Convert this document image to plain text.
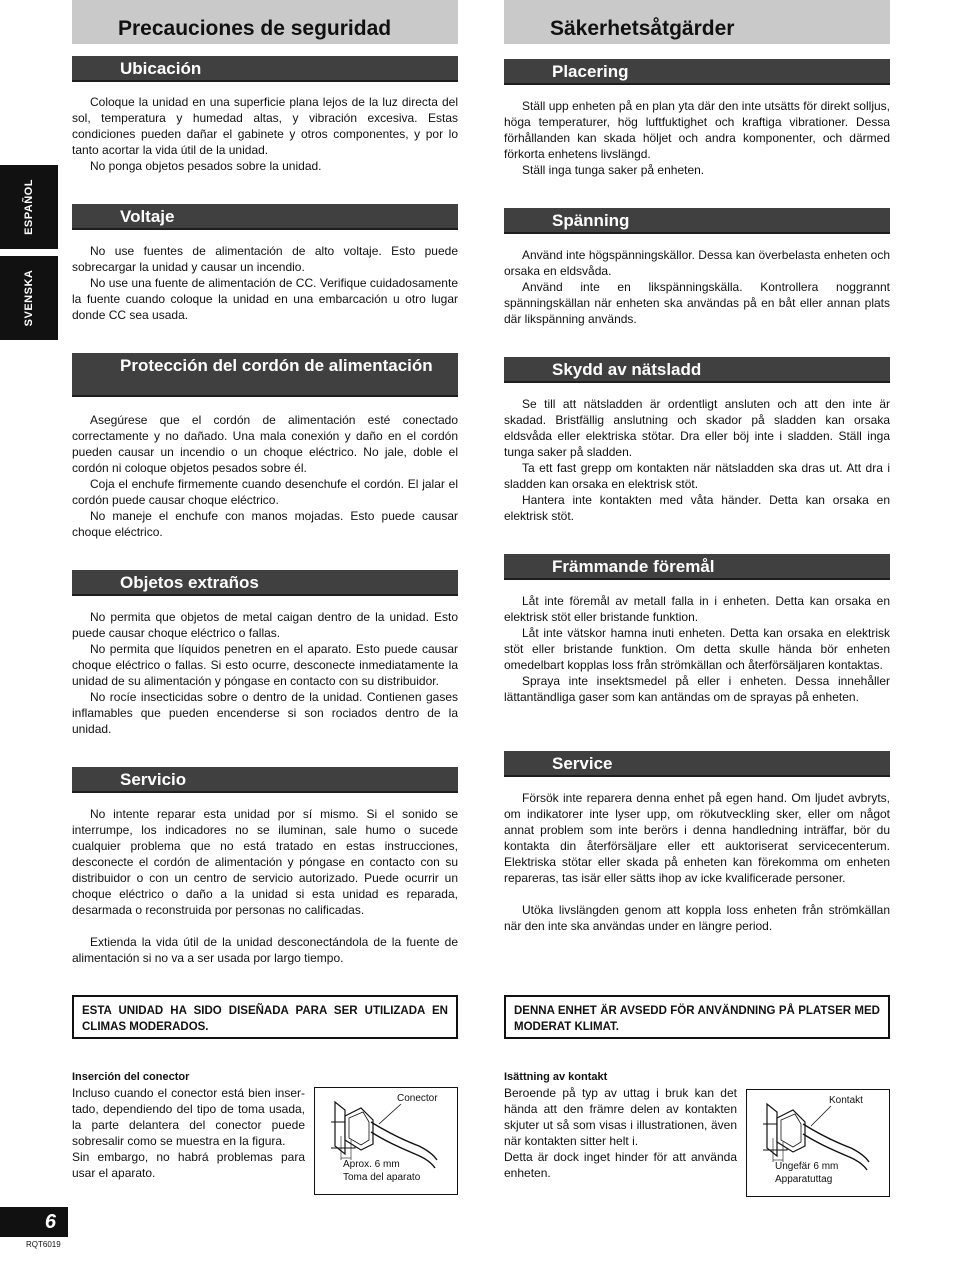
ESPAÑOL
SVENSKA
Precauciones de seguridad
Ubicación

Coloque la unidad en una superficie plana lejos de la luz directa del sol, temperatura y humedad altas, y vibración excesiva. Estas condiciones pueden dañar el gabinete y otros componentes, y por lo tanto acortar la vida útil de la unidad.

No ponga objetos pesados sobre la unidad.

Voltaje

No use fuentes de alimentación de alto voltaje. Esto puede sobrecargar la unidad y causar un incendio.

No use una fuente de alimentación de CC. Verifique cuidadosamente la fuente cuando coloque la unidad en una embarcación u otro lugar donde CC sea usada.

Protección del cordón de alimentación

Asegúrese que el cordón de alimentación esté conectado correctamente y no dañado. Una mala conexión y daño en el cordón pueden causar un incendio o un choque eléctrico. No jale, doble el cordón ni coloque objetos pesados sobre él.

Coja el enchufe firmemente cuando desenchufe el cordón. El jalar el cordón puede causar choque eléctrico.

No maneje el enchufe con manos mojadas. Esto puede causar choque eléctrico.

Objetos extraños

No permita que objetos de metal caigan dentro de la unidad. Esto puede causar choque eléctrico o fallas.

No permita que líquidos penetren en el aparato. Esto puede causar choque eléctrico o fallas. Si esto ocurre, desconecte inmediatamente la unidad de su alimentación y póngase en contacto con su distribuidor.

No rocíe insecticidas sobre o dentro de la unidad. Contienen gases inflamables que pueden encenderse si son rociados dentro de la unidad.

Servicio

No intente reparar esta unidad por sí mismo. Si el sonido se interrumpe, los indicadores no se iluminan, sale humo o sucede cualquier problema que no está tratado en estas instrucciones, desconecte el cordón de alimentación y póngase en contacto con su distribuidor o con un centro de servicio autorizado. Puede ocurrir un choque eléctrico o daño a la unidad si esta unidad es reparada, desarmada o reconstruida por personas no calificadas.

Extienda la vida útil de la unidad desconectándola de la fuente de alimentación si no va a ser usada por largo tiempo.

ESTA UNIDAD HA SIDO DISEÑADA PARA SER UTILIZADA EN CLIMAS MODERADOS.
Inserción del conector

Incluso cuando el conector está bien insertado, dependiendo del tipo de toma usada, la parte delantera del conector puede sobresalir como se muestra en la figura.

Sin embargo, no habrá problemas para usar el aparato.

Conector
Aprox. 6 mm
Toma del aparato
Säkerhetsåtgärder
Placering

Ställ upp enheten på en plan yta där den inte utsätts för direkt solljus, höga temperaturer, hög luftfuktighet och kraftiga vibrationer. Dessa förhållanden kan skada höljet och andra komponenter, och därmed förkorta enhetens livslängd.

Ställ inga tunga saker på enheten.

Spänning

Använd inte högspänningskällor. Dessa kan överbelasta enheten och orsaka en eldsvåda.

Använd inte en likspänningskälla. Kontrollera noggrannt spänningskällan när enheten ska användas på en båt eller annan plats där likspänning används.

Skydd av nätsladd

Se till att nätsladden är ordentligt ansluten och att den inte är skadad. Bristfällig anslutning och skador på sladden kan orsaka eldsvåda eller elektriska stötar. Dra eller böj inte i sladden. Ställ inga tunga saker på sladden.

Ta ett fast grepp om kontakten när nätsladden ska dras ut. Att dra i sladden kan orsaka en elektrisk stöt.

Hantera inte kontakten med våta händer. Detta kan orsaka en elektrisk stöt.

Främmande föremål

Låt inte föremål av metall falla in i enheten. Detta kan orsaka en elektrisk stöt eller bristande funktion.

Låt inte vätskor hamna inuti enheten. Detta kan orsaka en elektrisk stöt eller bristande funktion. Om detta skulle hända bör enheten omedelbart kopplas loss från strömkällan och återförsäljaren kontaktas.

Spraya inte insektsmedel på eller i enheten. Dessa innehåller lättantändliga gaser som kan antändas om de sprayas på enheten.

Service

Försök inte reparera denna enhet på egen hand. Om ljudet avbryts, om indikatorer inte lyser upp, om rökutveckling sker, eller om något annat problem som inte berörs i denna handledning inträffar, bör du kontakta din återförsäljare eller ett auktoriserat servicecenterum. Elektriska stötar eller skada på enheten kan förekomma om enheten repareras, tas isär eller sätts ihop av icke kvalificerade personer.

Utöka livslängden genom att koppla loss enheten från strömkällan när den inte ska användas under en längre period.

DENNA ENHET ÄR AVSEDD FÖR ANVÄNDNING PÅ PLATSER MED MODERAT KLIMAT.
Isättning av kontakt

Beroende på typ av uttag i bruk kan det hända att den främre delen av kontakten skjuter ut så som visas i illustrationen, även när kontakten sitter helt i.

Detta är dock inget hinder för att använda enheten.

Kontakt
Ungefär 6 mm
Apparatuttag
6
RQT6019
